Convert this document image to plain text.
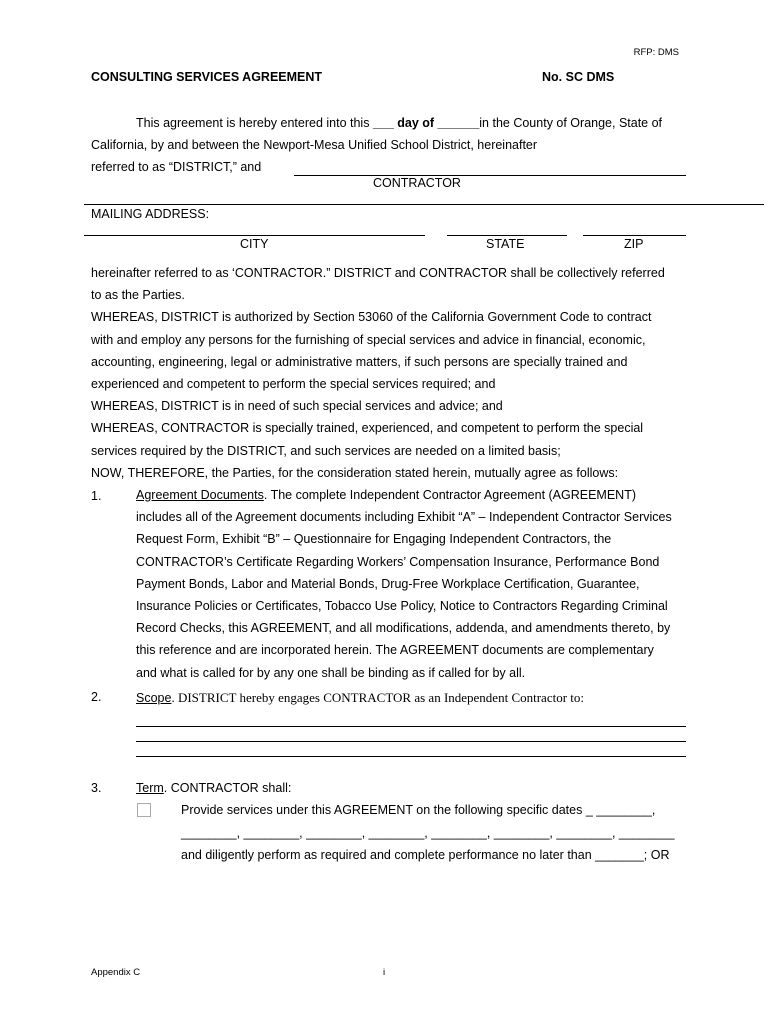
RFP: DMS
CONSULTING SERVICES AGREEMENT	No. SC DMS
This agreement is hereby entered into this ___ day of ______in the County of Orange, State of
California, by and between the Newport-Mesa Unified School District, hereinafter
referred to as “DISTRICT,” and
CONTRACTOR
MAILING ADDRESS:
CITY	STATE	ZIP
hereinafter referred to as ‘CONTRACTOR.” DISTRICT and CONTRACTOR shall be collectively referred
to as the Parties.
WHEREAS, DISTRICT is authorized by Section 53060 of the California Government Code to contract
with and employ any persons for the furnishing of special services and advice in financial, economic,
accounting, engineering, legal or administrative matters, if such persons are specially trained and
experienced and competent to perform the special services required; and
WHEREAS, DISTRICT is in need of such special services and advice; and
WHEREAS, CONTRACTOR is specially trained, experienced, and competent to perform the special
services required by the DISTRICT, and such services are needed on a limited basis;
NOW, THEREFORE, the Parties, for the consideration stated herein, mutually agree as follows:
1.	Agreement Documents. The complete Independent Contractor Agreement (AGREEMENT)
includes all of the Agreement documents including Exhibit “A” – Independent Contractor Services
Request Form, Exhibit “B” – Questionnaire for Engaging Independent Contractors, the
CONTRACTOR’s Certificate Regarding Workers’ Compensation Insurance, Performance Bond
Payment Bonds, Labor and Material Bonds, Drug-Free Workplace Certification, Guarantee,
Insurance Policies or Certificates, Tobacco Use Policy, Notice to Contractors Regarding Criminal
Record Checks, this AGREEMENT, and all modifications, addenda, and amendments thereto, by
this reference and are incorporated herein. The AGREEMENT documents are complementary
and what is called for by any one shall be binding as if called for by all.
2.	Scope. DISTRICT hereby engages CONTRACTOR as an Independent Contractor to:
3.	Term. CONTRACTOR shall:
Provide services under this AGREEMENT on the following specific dates _ ________,
________, ________, ________, ________, ________, ________, ________, ________
and diligently perform as required and complete performance no later than _______; OR
Appendix C	i
